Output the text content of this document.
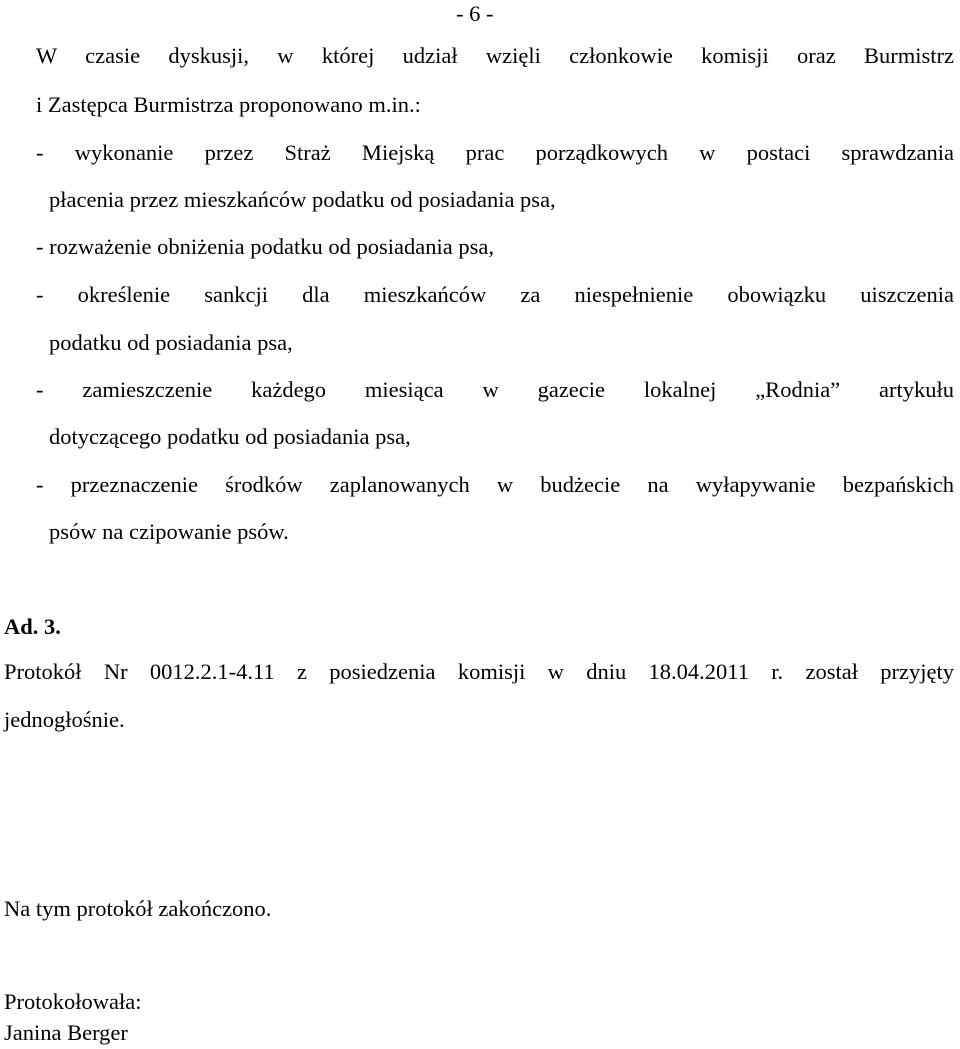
- 6 -

W czasie dyskusji, w której udział wzięli członkowie komisji oraz Burmistrz

i Zastępca Burmistrza proponowano m.in.:

- wykonanie przez Straż Miejską prac porządkowych w postaci sprawdzania

płacenia przez mieszkańców podatku od posiadania psa,

- rozważenie obniżenia podatku od posiadania psa,

- określenie sankcji dla mieszkańców za niespełnienie obowiązku uiszczenia

podatku od posiadania psa,

- zamieszczenie każdego miesiąca w gazecie lokalnej „Rodnia” artykułu

dotyczącego podatku od posiadania psa,

- przeznaczenie środków zaplanowanych w budżecie na wyłapywanie bezpańskich

psów na czipowanie psów.

Ad. 3.

Protokół Nr 0012.2.1-4.11 z posiedzenia komisji w dniu 18.04.2011 r. został przyjęty

jednogłośnie.

Na tym protokół zakończono.

Protokołowała:

Janina Berger
